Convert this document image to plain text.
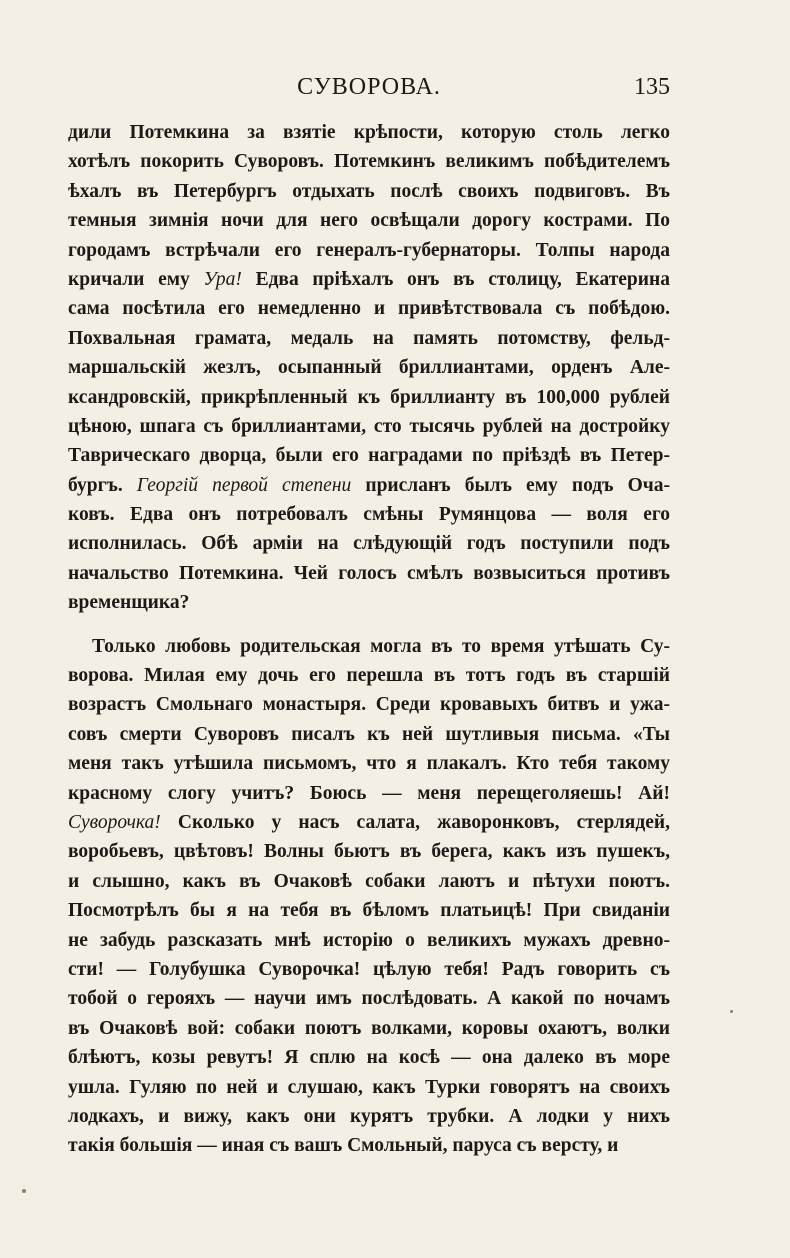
СУВОРОВА.	135
дили Потемкина за взятіе крѣпости, которую столь легко
хотѣлъ покорить Суворовъ. Потемкинъ великимъ побѣдителемъ
ѣхалъ въ Петербургъ отдыхать послѣ своихъ подвиговъ. Въ
темныя зимнія ночи для него освѣщали дорогу кострами. По
городамъ встрѣчали его генералъ-губернаторы. Толпы народа
кричали ему Ура! Едва пріѣхалъ онъ въ столицу, Екатерина
сама посѣтила его немедленно и привѣтствовала съ побѣдою.
Похвальная грамата, медаль на память потомству, фельд-
маршальскій жезлъ, осыпанный бриллиантами, орденъ Але-
ксандровскій, прикрѣпленный къ бриллианту въ 100,000 рублей
цѣною, шпага съ бриллиантами, сто тысячь рублей на достройку
Таврическаго дворца, были его наградами по пріѣздѣ въ Петер-
бургъ. Георгій первой степени присланъ былъ ему подъ Оча-
ковъ. Едва онъ потребовалъ смѣны Румянцова — воля его
исполнилась. Обѣ арміи на слѣдующій годъ поступили подъ
начальство Потемкина. Чей голосъ смѣлъ возвыситься противъ
временщика?
Только любовь родительская могла въ то время утѣшать Су-
ворова. Милая ему дочь его перешла въ тотъ годъ въ старшій
возрастъ Смольнаго монастыря. Среди кровавыхъ битвъ и ужа-
совъ смерти Суворовъ писалъ къ ней шутливыя письма. «Ты
меня такъ утѣшила письмомъ, что я плакалъ. Кто тебя такому
красному слогу учитъ? Боюсь — меня перещеголяешь! Ай!
Суворочка! Сколько у насъ салата, жаворонковъ, стерлядей,
воробьевъ, цвѣтовъ! Волны бьютъ въ берега, какъ изъ пушекъ,
и слышно, какъ въ Очаковѣ собаки лаютъ и пѣтухи поютъ.
Посмотрѣлъ бы я на тебя въ бѣломъ платьицѣ! При свиданіи
не забудь разсказать мнѣ исторію о великихъ мужахъ древно-
сти! — Голубушка Суворочка! цѣлую тебя! Радъ говорить съ
тобой о герояхъ — научи имъ послѣдовать. А какой по ночамъ
въ Очаковѣ вой: собаки поютъ волками, коровы охаютъ, волки
блѣютъ, козы ревутъ! Я сплю на косѣ — она далеко въ море
ушла. Гуляю по ней и слушаю, какъ Турки говорятъ на своихъ
лодкахъ, и вижу, какъ они курятъ трубки. А лодки у нихъ
такія большія — иная съ вашъ Смольный, паруса съ версту, и
